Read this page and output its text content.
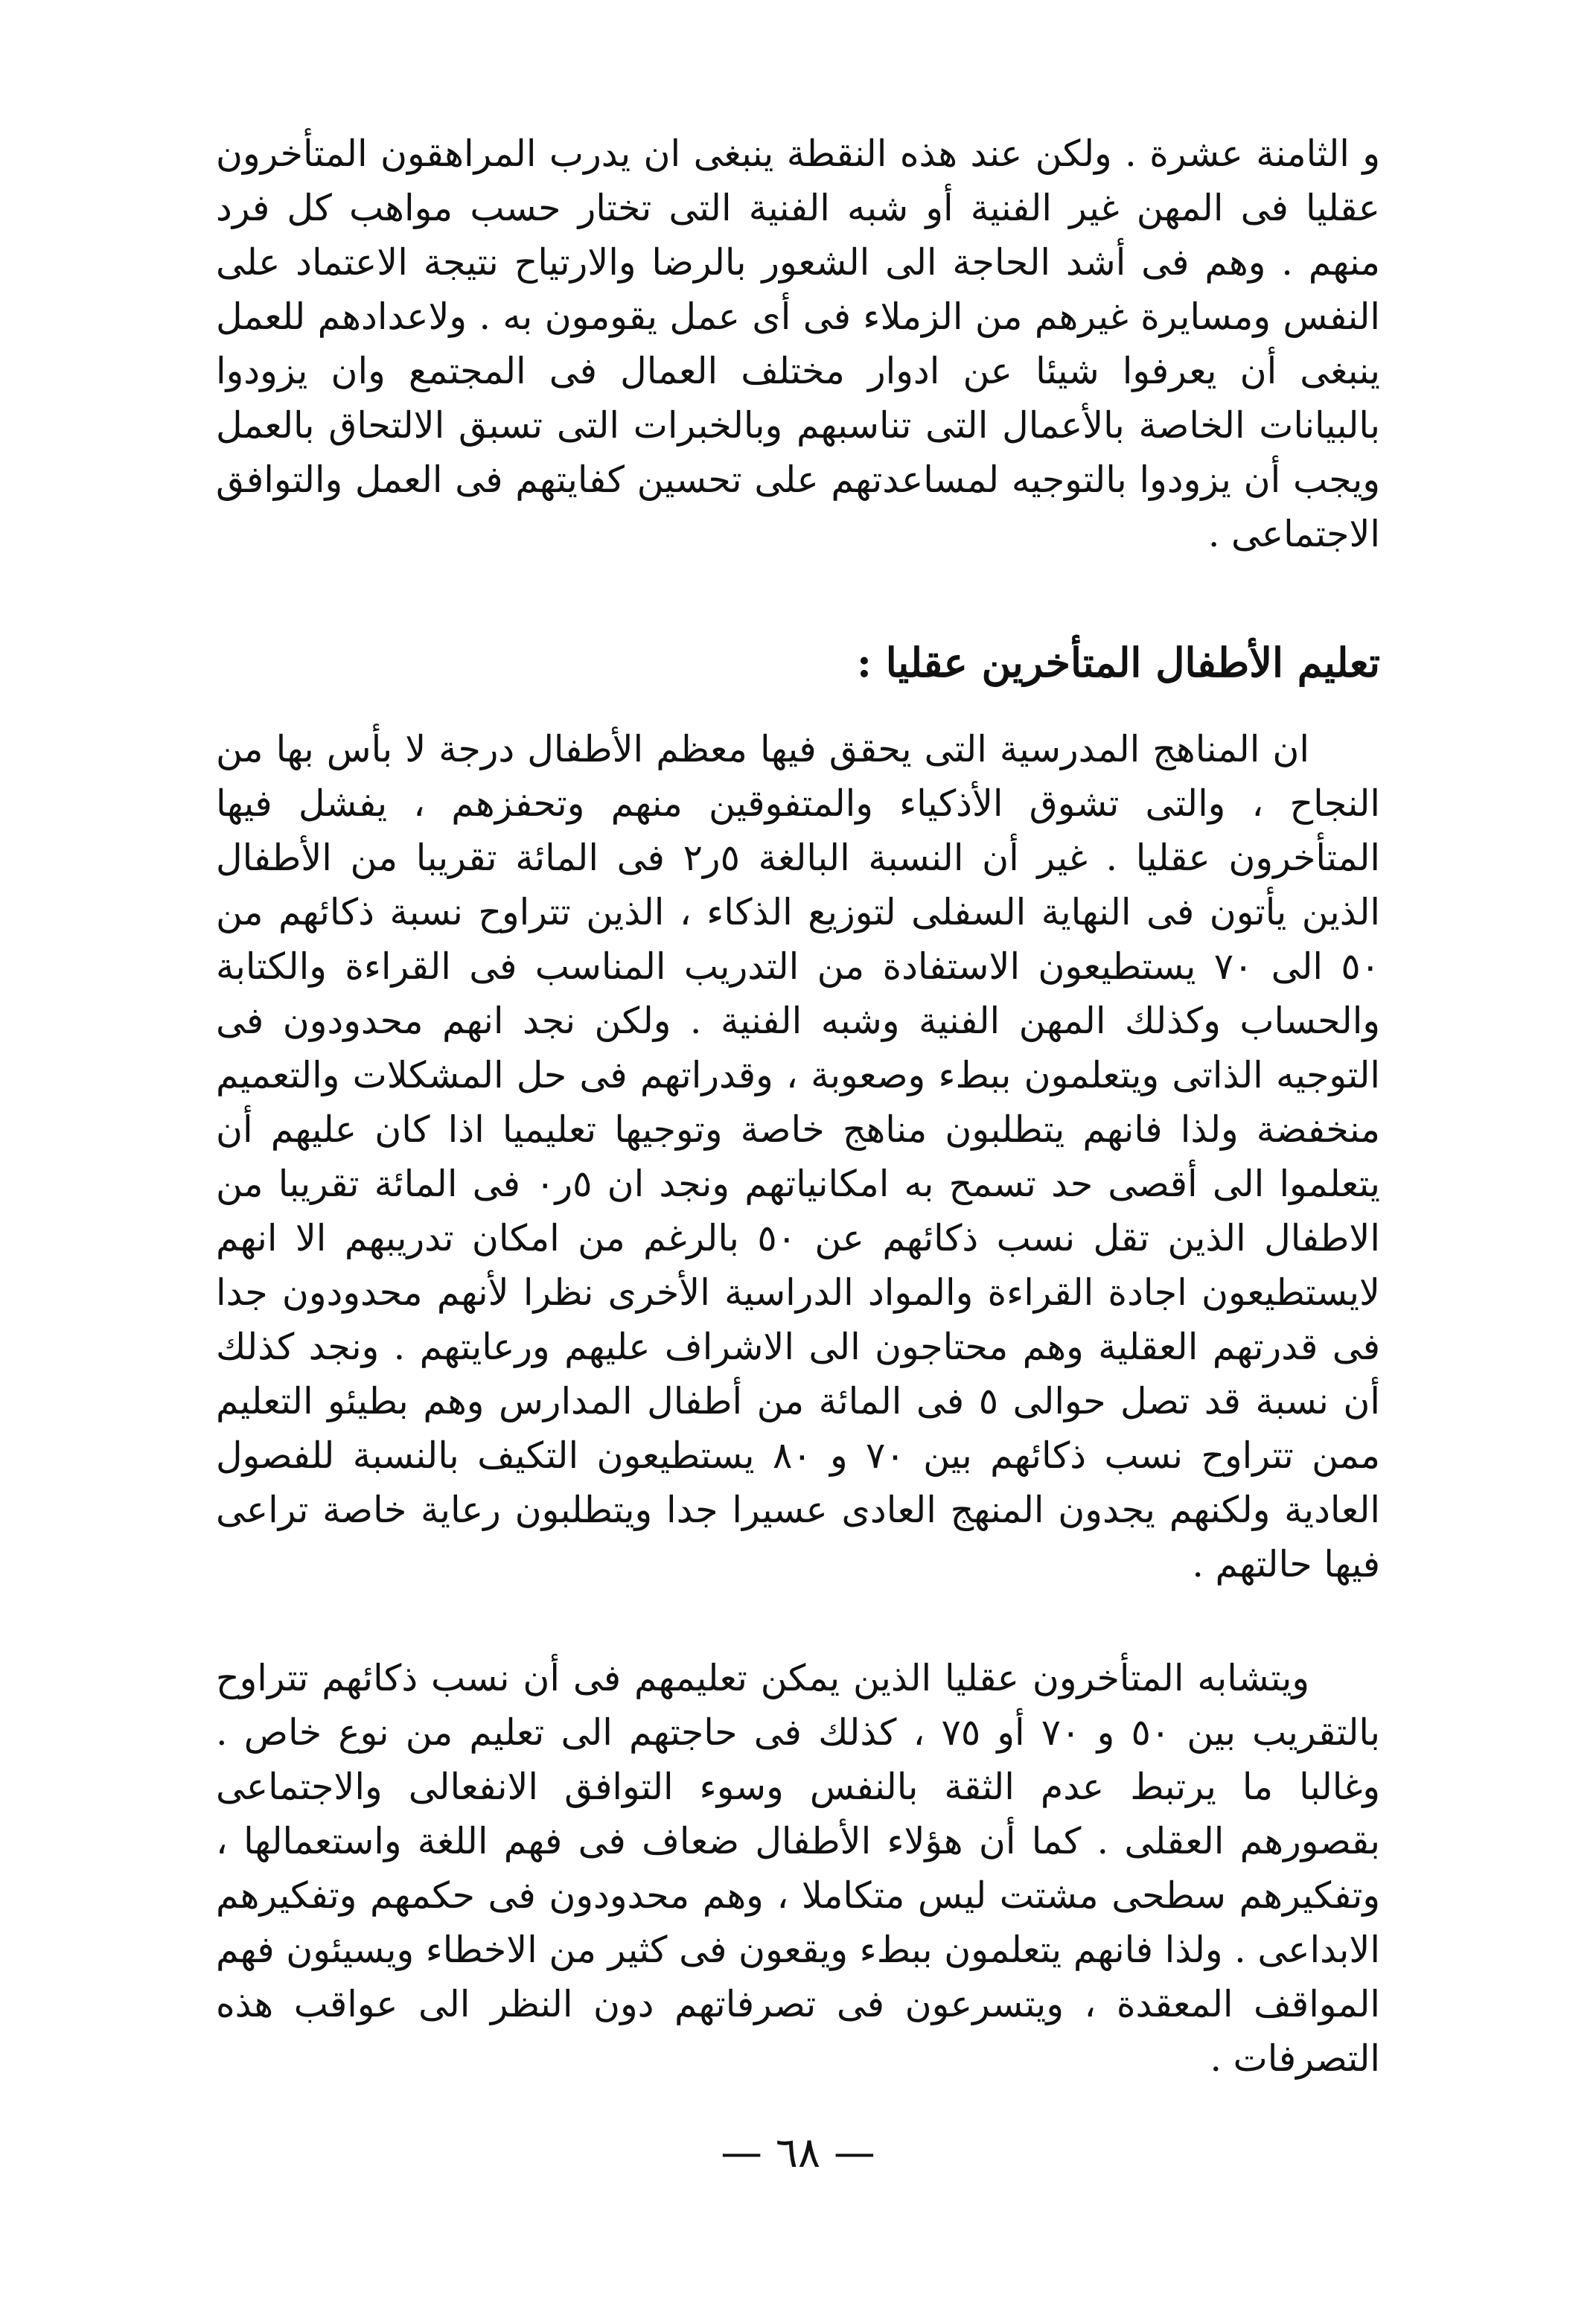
و الثامنة عشرة . ولكن عند هذه النقطة ينبغى ان يدرب المراهقون المتأخرون عقليا فى المهن غير الفنية أو شبه الفنية التى تختار حسب مواهب كل فرد منهم . وهم فى أشد الحاجة الى الشعور بالرضا والارتياح نتيجة الاعتماد على النفس ومسايرة غيرهم من الزملاء فى أى عمل يقومون به . ولاعدادهم للعمل ينبغى أن يعرفوا شيئا عن ادوار مختلف العمال فى المجتمع وان يزودوا بالبيانات الخاصة بالأعمال التى تناسبهم وبالخبرات التى تسبق الالتحاق بالعمل ويجب أن يزودوا بالتوجيه لمساعدتهم على تحسين كفايتهم فى العمل والتوافق الاجتماعى .

تعليم الأطفال المتأخرين عقليا :

ان المناهج المدرسية التى يحقق فيها معظم الأطفال درجة لا بأس بها من النجاح ، والتى تشوق الأذكياء والمتفوقين منهم وتحفزهم ، يفشل فيها المتأخرون عقليا . غير أن النسبة البالغة ٥ر٢ فى المائة تقريبا من الأطفال الذين يأتون فى النهاية السفلى لتوزيع الذكاء ، الذين تتراوح نسبة ذكائهم من ٥٠ الى ٧٠ يستطيعون الاستفادة من التدريب المناسب فى القراءة والكتابة والحساب وكذلك المهن الفنية وشبه الفنية . ولكن نجد انهم محدودون فى التوجيه الذاتى ويتعلمون ببطء وصعوبة ، وقدراتهم فى حل المشكلات والتعميم منخفضة ولذا فانهم يتطلبون مناهج خاصة وتوجيها تعليميا اذا كان عليهم أن يتعلموا الى أقصى حد تسمح به امكانياتهم ونجد ان ٥ر٠ فى المائة تقريبا من الاطفال الذين تقل نسب ذكائهم عن ٥٠ بالرغم من امكان تدريبهم الا انهم لايستطيعون اجادة القراءة والمواد الدراسية الأخرى نظرا لأنهم محدودون جدا فى قدرتهم العقلية وهم محتاجون الى الاشراف عليهم ورعايتهم . ونجد كذلك أن نسبة قد تصل حوالى ٥ فى المائة من أطفال المدارس وهم بطيئو التعليم ممن تتراوح نسب ذكائهم بين ٧٠ و ٨٠ يستطيعون التكيف بالنسبة للفصول العادية ولكنهم يجدون المنهج العادى عسيرا جدا ويتطلبون رعاية خاصة تراعى فيها حالتهم .

ويتشابه المتأخرون عقليا الذين يمكن تعليمهم فى أن نسب ذكائهم تتراوح بالتقريب بين ٥٠ و ٧٠ أو ٧٥ ، كذلك فى حاجتهم الى تعليم من نوع خاص . وغالبا ما يرتبط عدم الثقة بالنفس وسوء التوافق الانفعالى والاجتماعى بقصورهم العقلى . كما أن هؤلاء الأطفال ضعاف فى فهم اللغة واستعمالها ، وتفكيرهم سطحى مشتت ليس متكاملا ، وهم محدودون فى حكمهم وتفكيرهم الابداعى . ولذا فانهم يتعلمون ببطء ويقعون فى كثير من الاخطاء ويسيئون فهم المواقف المعقدة ، ويتسرعون فى تصرفاتهم دون النظر الى عواقب هذه التصرفات .

— ٦٨ —
